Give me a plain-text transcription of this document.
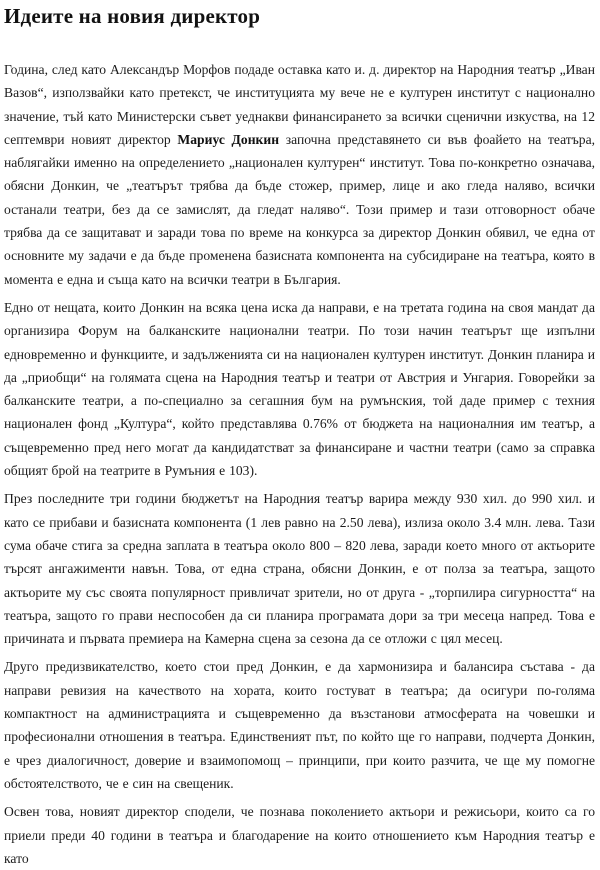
Идеите на новия директор

Година, след като Александър Морфов подаде оставка като и. д. директор на Народния театър „Иван Вазов“, използвайки като претекст, че институцията му вече не е културен институт с национално значение, тъй като Министерски съвет уеднакви финансирането за всички сценични изкуства, на 12 септември новият директор Мариус Донкин започна представянето си във фоайето на театъра, наблягайки именно на определението „национален културен“ институт. Това по-конкретно означава, обясни Донкин, че „театърът трябва да бъде стожер, пример, лице и ако гледа наляво, всички останали театри, без да се замислят, да гледат наляво“. Този пример и тази отговорност обаче трябва да се защитават и заради това по време на конкурса за директор Донкин обявил, че една от основните му задачи е да бъде променена базисната компонента на субсидиране на театъра, която в момента е една и съща като на всички театри в България.

Едно от нещата, които Донкин на всяка цена иска да направи, е на третата година на своя мандат да организира Форум на балканските национални театри. По този начин театърът ще изпълни едновременно и функциите, и задълженията си на национален културен институт. Донкин планира и да „приобщи“ на голямата сцена на Народния театър и театри от Австрия и Унгария. Говорейки за балканските театри, а по-специално за сегашния бум на румънския, той даде пример с техния национален фонд „Култура“, който представлява 0.76% от бюджета на националния им театър, а същевременно пред него могат да кандидатстват за финансиране и частни театри (само за справка общият брой на театрите в Румъния е 103).

През последните три години бюджетът на Народния театър варира между 930 хил. до 990 хил. и като се прибави и базисната компонента (1 лев равно на 2.50 лева), излиза около 3.4 млн. лева. Тази сума обаче стига за средна заплата в театъра около 800 – 820 лева, заради което много от актьорите търсят ангажименти навън. Това, от една страна, обясни Донкин, е от полза за театъра, защото актьорите му със своята популярност привличат зрители, но от друга - „торпилира сигурността“ на театъра, защото го прави неспособен да си планира програмата дори за три месеца напред. Това е причината и първата премиера на Камерна сцена за сезона да се отложи с цял месец.

Друго предизвикателство, което стои пред Донкин, е да хармонизира и балансира състава - да направи ревизия на качеството на хората, които гостуват в театъра; да осигури по-голяма компактност на администрацията и същевременно да възстанови атмосферата на човешки и професионални отношения в театъра. Единственият път, по който ще го направи, подчерта Донкин, е чрез диалогичност, доверие и взаимопомощ – принципи, при които разчита, че ще му помогне обстоятелството, че е син на свещеник.

Освен това, новият директор сподели, че познава поколението актьори и режисьори, които са го приели преди 40 години в театъра и благодарение на които отношението към Народния театър е като
